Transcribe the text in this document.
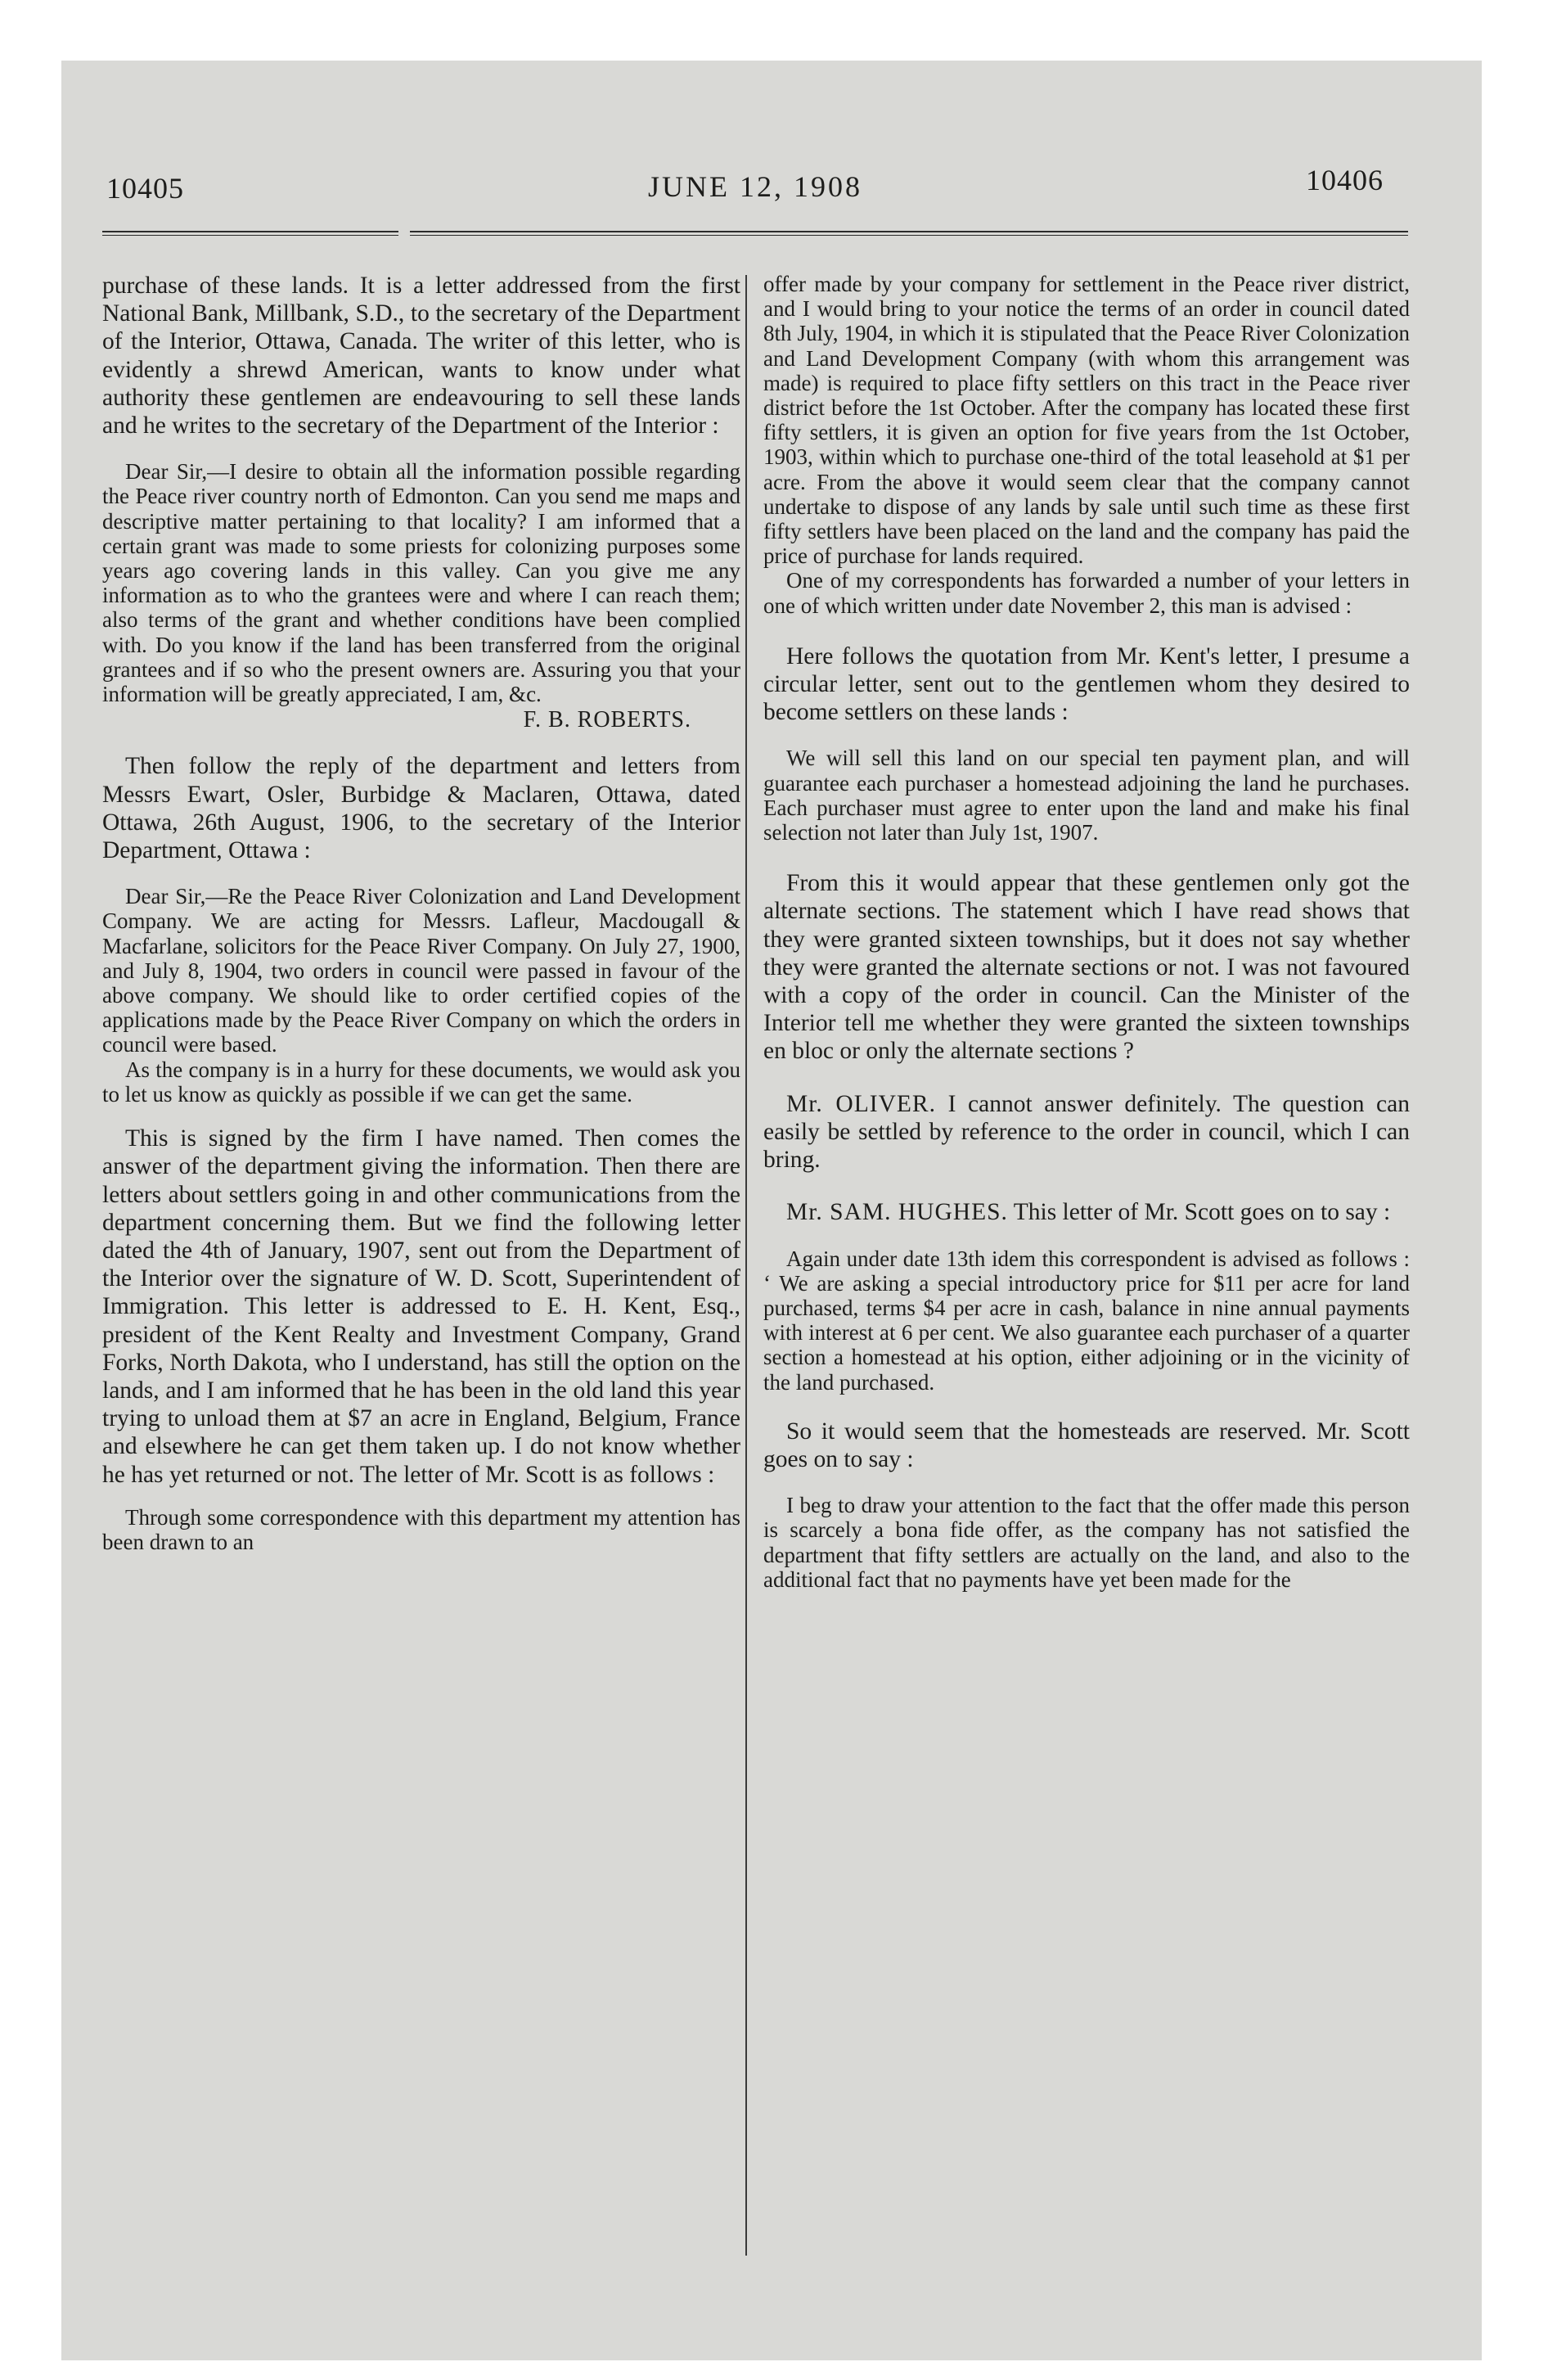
10405	JUNE 12, 1908	10406

purchase of these lands. It is a letter addressed from the first National Bank, Millbank, S.D., to the secretary of the Department of the Interior, Ottawa, Canada. The writer of this letter, who is evidently a shrewd American, wants to know under what authority these gentlemen are endeavouring to sell these lands and he writes to the secretary of the Department of the Interior :

Dear Sir,—I desire to obtain all the information possible regarding the Peace river country north of Edmonton. Can you send me maps and descriptive matter pertaining to that locality? I am informed that a certain grant was made to some priests for colonizing purposes some years ago covering lands in this valley. Can you give me any information as to who the grantees were and where I can reach them; also terms of the grant and whether conditions have been complied with. Do you know if the land has been transferred from the original grantees and if so who the present owners are. Assuring you that your information will be greatly appreciated, I am, &c.

F. B. ROBERTS.

Then follow the reply of the department and letters from Messrs Ewart, Osler, Burbidge & Maclaren, Ottawa, dated Ottawa, 26th August, 1906, to the secretary of the Interior Department, Ottawa :

Dear Sir,—Re the Peace River Colonization and Land Development Company. We are acting for Messrs. Lafleur, Macdougall & Macfarlane, solicitors for the Peace River Company. On July 27, 1900, and July 8, 1904, two orders in council were passed in favour of the above company. We should like to order certified copies of the applications made by the Peace River Company on which the orders in council were based.

As the company is in a hurry for these documents, we would ask you to let us know as quickly as possible if we can get the same.

This is signed by the firm I have named. Then comes the answer of the department giving the information. Then there are letters about settlers going in and other communications from the department concerning them. But we find the following letter dated the 4th of January, 1907, sent out from the Department of the Interior over the signature of W. D. Scott, Superintendent of Immigration. This letter is addressed to E. H. Kent, Esq., president of the Kent Realty and Investment Company, Grand Forks, North Dakota, who I understand, has still the option on the lands, and I am informed that he has been in the old land this year trying to unload them at $7 an acre in England, Belgium, France and elsewhere he can get them taken up. I do not know whether he has yet returned or not. The letter of Mr. Scott is as follows :

Through some correspondence with this department my attention has been drawn to an

offer made by your company for settlement in the Peace river district, and I would bring to your notice the terms of an order in council dated 8th July, 1904, in which it is stipulated that the Peace River Colonization and Land Development Company (with whom this arrangement was made) is required to place fifty settlers on this tract in the Peace river district before the 1st October. After the company has located these first fifty settlers, it is given an option for five years from the 1st October, 1903, within which to purchase one-third of the total leasehold at $1 per acre. From the above it would seem clear that the company cannot undertake to dispose of any lands by sale until such time as these first fifty settlers have been placed on the land and the company has paid the price of purchase for lands required.

One of my correspondents has forwarded a number of your letters in one of which written under date November 2, this man is advised :

Here follows the quotation from Mr. Kent's letter, I presume a circular letter, sent out to the gentlemen whom they desired to become settlers on these lands :

We will sell this land on our special ten payment plan, and will guarantee each purchaser a homestead adjoining the land he purchases. Each purchaser must agree to enter upon the land and make his final selection not later than July 1st, 1907.

From this it would appear that these gentlemen only got the alternate sections. The statement which I have read shows that they were granted sixteen townships, but it does not say whether they were granted the alternate sections or not. I was not favoured with a copy of the order in council. Can the Minister of the Interior tell me whether they were granted the sixteen townships en bloc or only the alternate sections ?

Mr. OLIVER. I cannot answer definitely. The question can easily be settled by reference to the order in council, which I can bring.

Mr. SAM. HUGHES. This letter of Mr. Scott goes on to say :

Again under date 13th idem this correspondent is advised as follows : ‘ We are asking a special introductory price for $11 per acre for land purchased, terms $4 per acre in cash, balance in nine annual payments with interest at 6 per cent. We also guarantee each purchaser of a quarter section a homestead at his option, either adjoining or in the vicinity of the land purchased.

So it would seem that the homesteads are reserved. Mr. Scott goes on to say :

I beg to draw your attention to the fact that the offer made this person is scarcely a bona fide offer, as the company has not satisfied the department that fifty settlers are actually on the land, and also to the additional fact that no payments have yet been made for the
